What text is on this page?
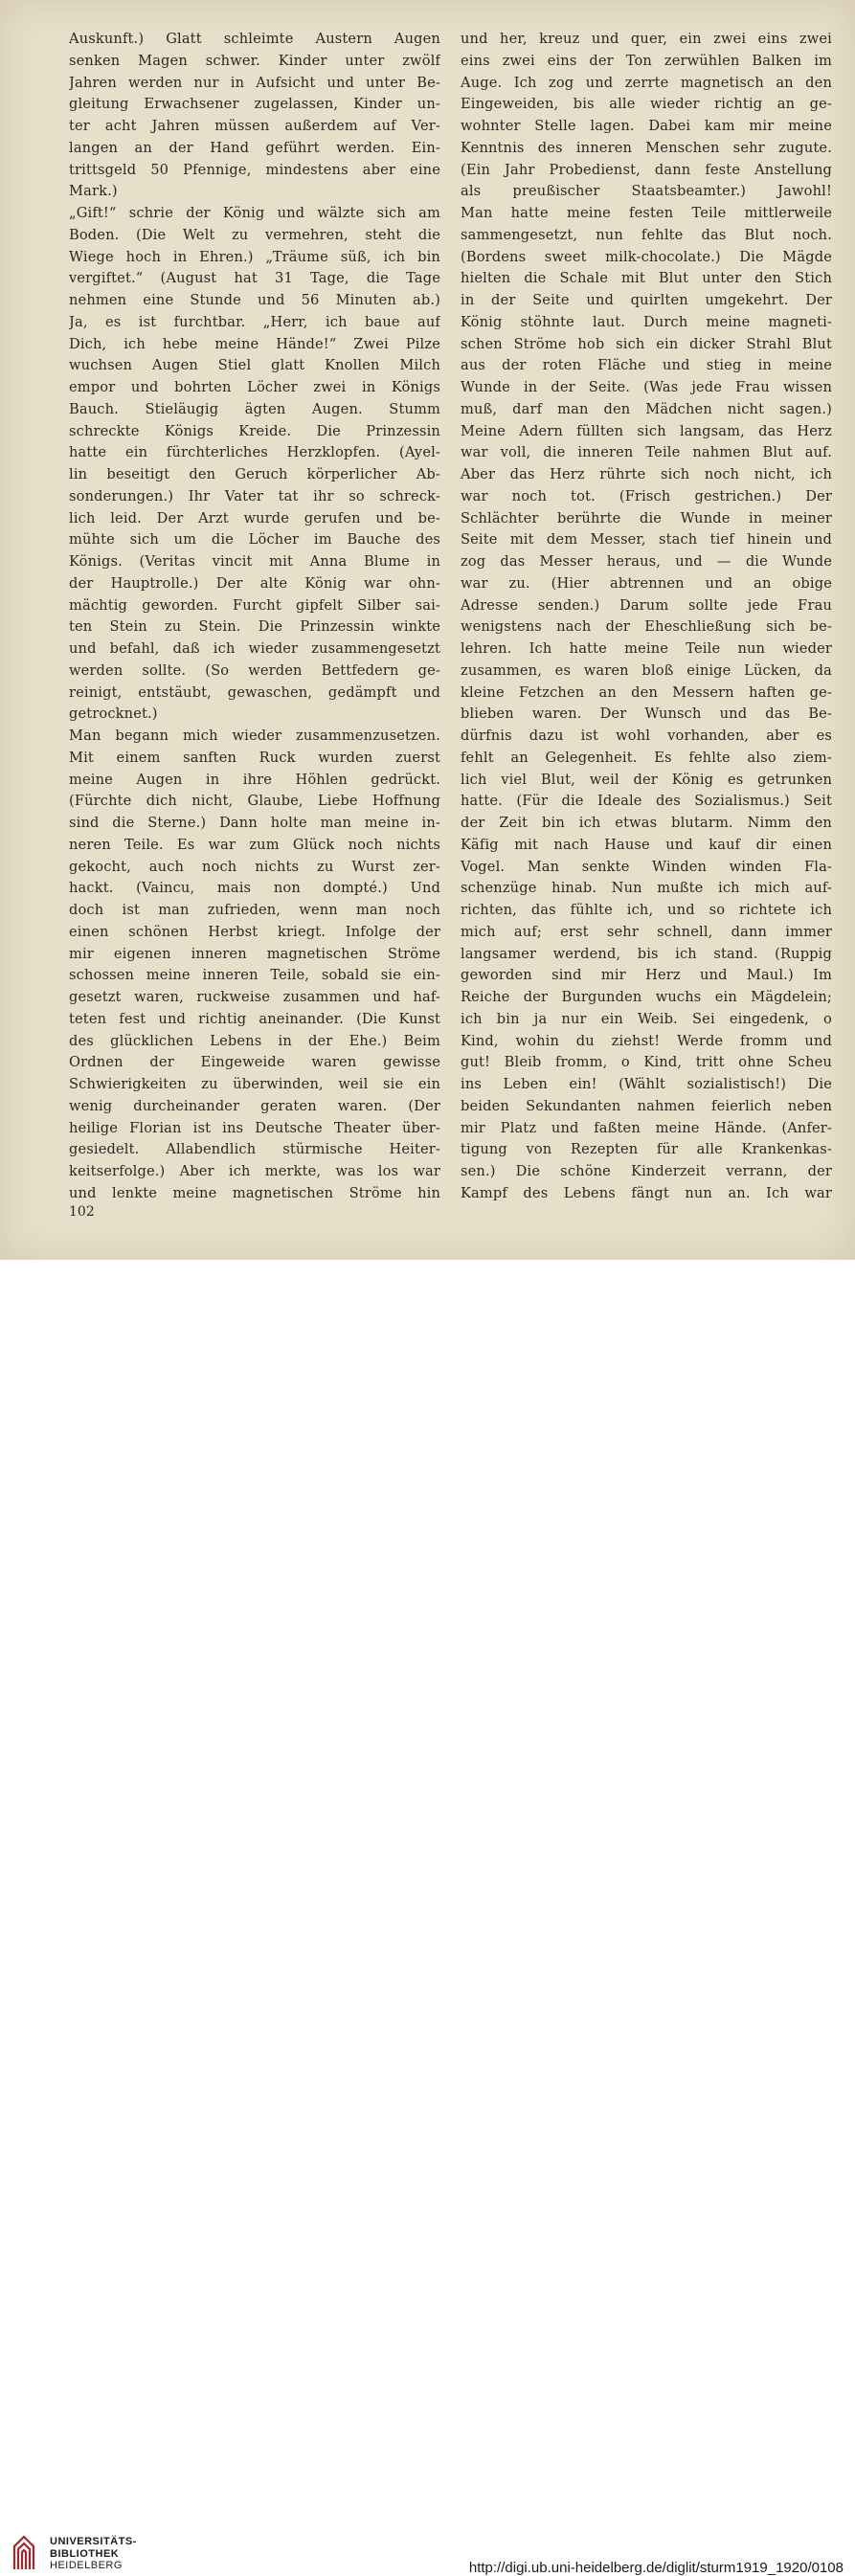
Auskunft.) Glatt schleimte Austern Augen
senken Magen schwer. Kinder unter zwölf
Jahren werden nur in Aufsicht und unter Be-
gleitung Erwachsener zugelassen, Kinder un-
ter acht Jahren müssen außerdem auf Ver-
langen an der Hand geführt werden. Ein-
trittsgeld 50 Pfennige, mindestens aber eine
Mark.)
„Gift!“ schrie der König und wälzte sich am
Boden. (Die Welt zu vermehren, steht die
Wiege hoch in Ehren.) „Träume süß, ich bin
vergiftet.“ (August hat 31 Tage, die Tage
nehmen eine Stunde und 56 Minuten ab.)
Ja, es ist furchtbar. „Herr, ich baue auf
Dich, ich hebe meine Hände!“ Zwei Pilze
wuchsen Augen Stiel glatt Knollen Milch
empor und bohrten Löcher zwei in Königs
Bauch. Stieläugig ägten Augen. Stumm
schreckte Königs Kreide. Die Prinzessin
hatte ein fürchterliches Herzklopfen. (Ayel-
lin beseitigt den Geruch körperlicher Ab-
sonderungen.) Ihr Vater tat ihr so schreck-
lich leid. Der Arzt wurde gerufen und be-
mühte sich um die Löcher im Bauche des
Königs. (Veritas vincit mit Anna Blume in
der Hauptrolle.) Der alte König war ohn-
mächtig geworden. Furcht gipfelt Silber sai-
ten Stein zu Stein. Die Prinzessin winkte
und befahl, daß ich wieder zusammengesetzt
werden sollte. (So werden Bettfedern ge-
reinigt, entstäubt, gewaschen, gedämpft und
getrocknet.)
Man begann mich wieder zusammenzusetzen.
Mit einem sanften Ruck wurden zuerst
meine Augen in ihre Höhlen gedrückt.
(Fürchte dich nicht, Glaube, Liebe Hoffnung
sind die Sterne.) Dann holte man meine in-
neren Teile. Es war zum Glück noch nichts
gekocht, auch noch nichts zu Wurst zer-
hackt. (Vaincu, mais non dompté.) Und
doch ist man zufrieden, wenn man noch
einen schönen Herbst kriegt. Infolge der
mir eigenen inneren magnetischen Ströme
schossen meine inneren Teile, sobald sie ein-
gesetzt waren, ruckweise zusammen und haf-
teten fest und richtig aneinander. (Die Kunst
des glücklichen Lebens in der Ehe.) Beim
Ordnen der Eingeweide waren gewisse
Schwierigkeiten zu überwinden, weil sie ein
wenig durcheinander geraten waren. (Der
heilige Florian ist ins Deutsche Theater über-
gesiedelt. Allabendlich stürmische Heiter-
keitserfolge.) Aber ich merkte, was los war
und lenkte meine magnetischen Ströme hin
und her, kreuz und quer, ein zwei eins zwei
eins zwei eins der Ton zerwühlen Balken im
Auge. Ich zog und zerrte magnetisch an den
Eingeweiden, bis alle wieder richtig an ge-
wohnter Stelle lagen. Dabei kam mir meine
Kenntnis des inneren Menschen sehr zugute.
(Ein Jahr Probedienst, dann feste Anstellung
als preußischer Staatsbeamter.) Jawohl!
Man hatte meine festen Teile mittlerweile
sammengesetzt, nun fehlte das Blut noch.
(Bordens sweet milk-chocolate.) Die Mägde
hielten die Schale mit Blut unter den Stich
in der Seite und quirlten umgekehrt. Der
König stöhnte laut. Durch meine magneti-
schen Ströme hob sich ein dicker Strahl Blut
aus der roten Fläche und stieg in meine
Wunde in der Seite. (Was jede Frau wissen
muß, darf man den Mädchen nicht sagen.)
Meine Adern füllten sich langsam, das Herz
war voll, die inneren Teile nahmen Blut auf.
Aber das Herz rührte sich noch nicht, ich
war noch tot. (Frisch gestrichen.) Der
Schlächter berührte die Wunde in meiner
Seite mit dem Messer, stach tief hinein und
zog das Messer heraus, und — die Wunde
war zu. (Hier abtrennen und an obige
Adresse senden.) Darum sollte jede Frau
wenigstens nach der Eheschließung sich be-
lehren. Ich hatte meine Teile nun wieder
zusammen, es waren bloß einige Lücken, da
kleine Fetzchen an den Messern haften ge-
blieben waren. Der Wunsch und das Be-
dürfnis dazu ist wohl vorhanden, aber es
fehlt an Gelegenheit. Es fehlte also ziem-
lich viel Blut, weil der König es getrunken
hatte. (Für die Ideale des Sozialismus.) Seit
der Zeit bin ich etwas blutarm. Nimm den
Käfig mit nach Hause und kauf dir einen
Vogel. Man senkte Winden winden Fla-
schenzüge hinab. Nun mußte ich mich auf-
richten, das fühlte ich, und so richtete ich
mich auf; erst sehr schnell, dann immer
langsamer werdend, bis ich stand. (Ruppig
geworden sind mir Herz und Maul.) Im
Reiche der Burgunden wuchs ein Mägdelein;
ich bin ja nur ein Weib. Sei eingedenk, o
Kind, wohin du ziehst! Werde fromm und
gut! Bleib fromm, o Kind, tritt ohne Scheu
ins Leben ein! (Wählt sozialistisch!) Die
beiden Sekundanten nahmen feierlich neben
mir Platz und faßten meine Hände. (Anfer-
tigung von Rezepten für alle Krankenkas-
sen.) Die schöne Kinderzeit verrann, der
Kampf des Lebens fängt nun an. Ich war
102
UNIVERSITÄTS-
BIBLIOTHEK
HEIDELBERG	http://digi.ub.uni-heidelberg.de/diglit/sturm1919_1920/0108
